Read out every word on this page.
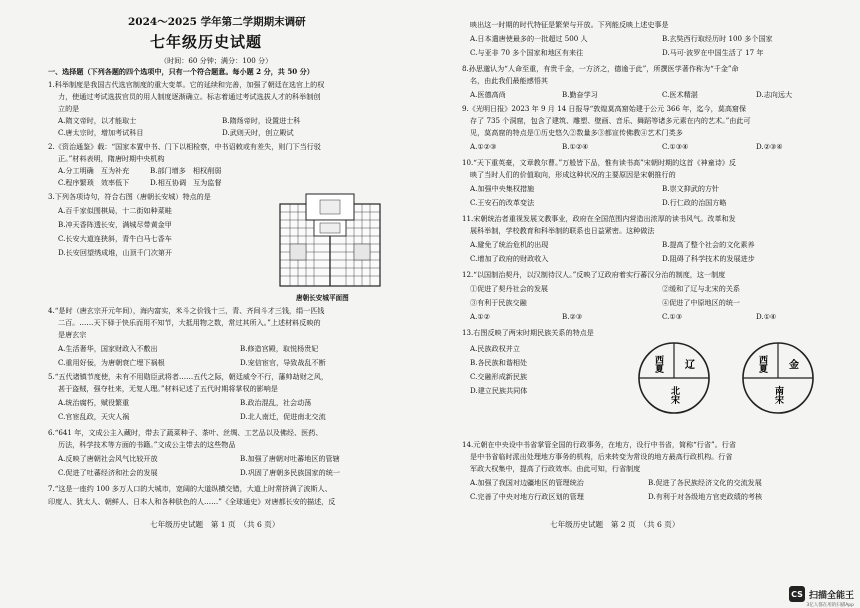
2024～2025 学年第二学期期末调研
七年级历史试题
（时间：60 分钟；满分：100 分）
一、选择题（下列各题的四个选项中，只有一个符合题意。每小题 2 分，共 50 分）
1.科举制度是我国古代选官制度的重大变革。它的延续和完善，加强了朝廷在选官上的权
力，使通过考试选拔官员的用人制度逐渐确立。标志着通过考试选拔人才的科举制创
立的是
A.隋文帝时，以才能取士	B.隋炀帝时，设置进士科
C.唐太宗时，增加考试科目	D.武则天时，创立殿试
2.《资治通鉴》载：“国家本置中书、门下以相检察，中书诏敕或有差失，则门下当行驳
正。”材料表明，隋唐时期中央机构
A.分工明确　互为补充	B.部门增多　相权削弱
C.程序繁琐　效率低下	D.相互协调　互为监督
3.下列各项诗句，符合右图（唐朝长安城）特点的是
A.百千家似围棋局，十二街如种菜畦
B.冲天香阵透长安，满城尽带黄金甲
C.长安大道连狭斜，青牛白马七香车
D.长安回望绣成堆，山顶千门次第开
唐朝长安城平面图
4.“是时（唐玄宗开元年间），海内富实，米斗之价钱十三，青、齐间斗才三钱，绢一匹钱
二百。……天下驿于快乐而用不知节，大抵用物之数，常过其所入。”上述材料反映的
是唐玄宗
A.生活奢华，国家财政入不敷出	B.修造宫殿，取悦杨贵妃
C.重用好佞，为唐朝衰亡埋下祸根	D.宠信宦官，导致战乱不断
5.“五代诸镇节度使，未有不用勋臣武将者……五代之际，朝廷威令不行，藩帅劫财之风，
甚于盗贼，强夺杜来，无复人理。”材料记述了五代时期将掌权的影响是
A.统治腐朽，赋役繁重	B.政治混乱，社会动荡
C.官宦乱政，天灾人祸	D.北人南迁，促进南北交流
6.“641 年，文成公主入藏时，带去了蔬菜种子、茶叶、丝绸、工艺品以及佛经、医药、
历法，科学技术等方面的书籍。”文成公主带去的这些物品
A.反映了唐朝社会风气比较开放	B.加强了唐朝对吐蕃地区的管辖
C.促进了吐蕃经济和社会的发展	D.巩固了唐朝多民族国家的统一
7.“这是一座约 100 多万人口的大城市，宽阔的大道纵横交错，大道上时常挤满了波斯人、
印度人、犹太人、朝鲜人、日本人和各种肤色的人……”《全球通史》对唐都长安的描述，反
七年级历史试题　第 1 页　（共 6 页）
映出这一时期的时代特征是繁荣与开放。下列能反映上述史事是
A.日本遣唐使最多的一批超过 500 人	B.玄奘西行取经历时 100 多个国家
C.与亚非 70 多个国家和地区有来往	D.马可·波罗在中国生活了 17 年
8.孙思邈认为“人命至重，有贵千金，一方济之，德逾于此”，所撰医学著作称为“千金”命
名，由此我们最能感悟其
A.医德高尚	B.勤奋学习	C.医术精湛	D.志向远大
9.《光明日报》2023 年 9 月 14 日报导“敦煌莫高窟始建于公元 366 年，迄今，莫高窟保
存了 735 个洞窟，包含了建筑、雕塑、壁画、音乐、舞蹈等诸多元素在内的艺术。”由此可
见，莫高窟的特点是①历史悠久②数量多③都宣传佛教④艺术门类多
A.①②③	B.①②④	C.①③④	D.②③④
10.“天下重英豪，文章教尔曹。”万般皆下品，惟有读书高”宋朝时期的这首《神童诗》反
映了当时人们的价值取向，形成这种状况的主要原因是宋朝推行的
A.加强中央集权措施	B.崇文抑武的方针
C.王安石的改革变法	D.行仁政的治国方略
11.宋朝统治者重视发展文教事业，政府在全国范围内营造出浓厚的读书风气。改革和发
展科举制，学校教育和科举制的联系也日益紧密。这种做法
A.避免了统治危机的出现	B.提高了整个社会的文化素养
C.增加了政府的财政收入	D.阻碍了科学技术的发展进步
12.“以国制治契丹，以汉制待汉人。”反映了辽政府着实行蕃汉分治的制度，这一制度
①促进了契丹社会的发展	②缓和了辽与北宋的关系
③有利于民族交融	④促进了中原地区的统一
A.①②	B.②③	C.①③	D.①④
13.右图反映了两宋时期民族关系的特点是
A.民族政权并立
B.各民族和谐相处
C.交融形成新民族
D.建立民族共同体
西夏 辽
北宋
西夏 金
南宋
14.元朝在中央设中书省掌管全国的行政事务，在地方，设行中书省，简称“行省”。行省
是中书省临时派出处理地方事务的机构，后来转变为常设的地方最高行政机构。行省
军政大权集中，提高了行政效率。由此可知，行省制度
A.加强了我国对边疆地区的管理统治	B.促进了各民族经济文化的交流发展
C.完善了中央对地方行政区划的管理	D.有利于对各级地方官吏政绩的考核
七年级历史试题　第 2 页　（共 6 页）
CS 扫描全能王
3亿人都在用的扫描App
